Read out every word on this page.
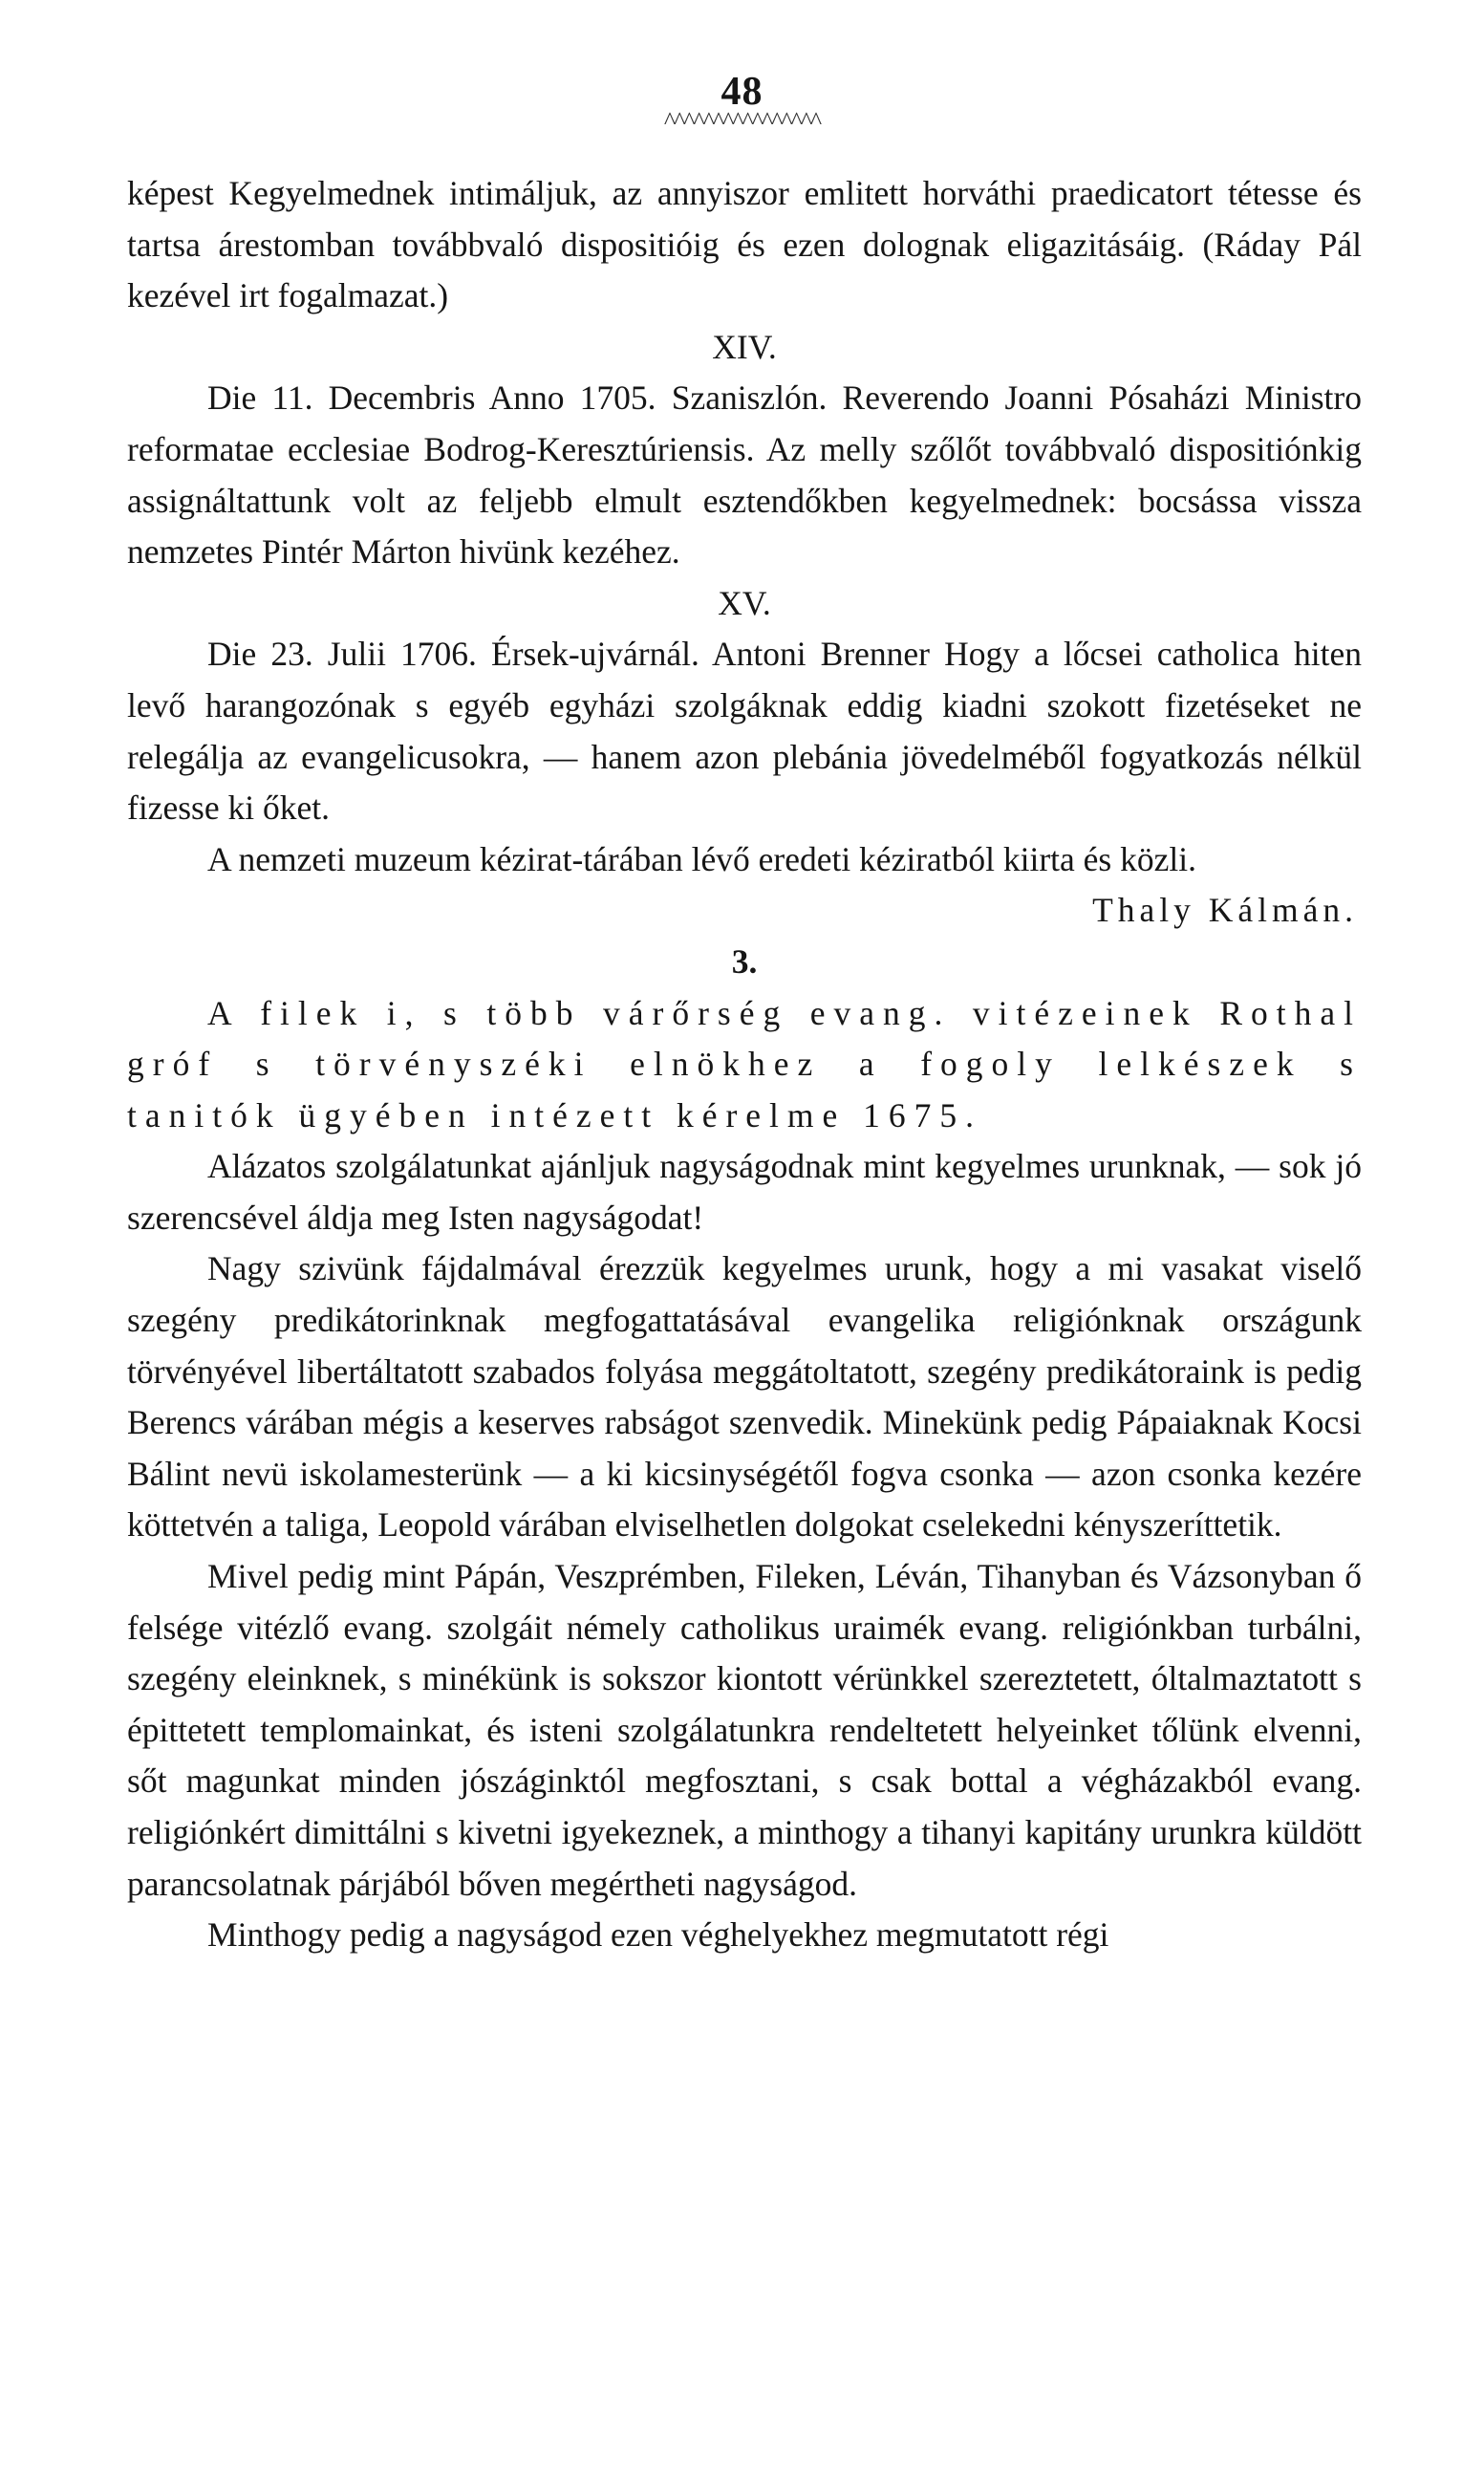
48
^^^^^^^^^^^^^^^^

képest Kegyelmednek intimáljuk, az annyiszor emlitett horváthi praedicatort tétesse és tartsa árestomban továbbvaló dispositióig és ezen dolognak eligazitásáig. (Ráday Pál kezével irt fogalmazat.)

XIV.

Die 11. Decembris Anno 1705. Szaniszlón. Reverendo Joanni Pósaházi Ministro reformatae ecclesiae Bodrog-Keresztúriensis. Az melly szőlőt továbbvaló dispositiónkig assignáltattunk volt az feljebb elmult esztendőkben kegyelmednek: bocsássa vissza nemzetes Pintér Márton hivünk kezéhez.

XV.

Die 23. Julii 1706. Érsek-ujvárnál. Antoni Brenner Hogy a lőcsei catholica hiten levő harangozónak s egyéb egyházi szolgáknak eddig kiadni szokott fizetéseket ne relegálja az evangelicusokra, — hanem azon plebánia jövedelméből fogyatkozás nélkül fizesse ki őket.

A nemzeti muzeum kézirat-tárában lévő eredeti kéziratból kiirta és közli.

Thaly Kálmán.

3.

A filek i, s több várőrség evang. vitézeinek Rothal

gróf s törvényszéki elnökhez a fogoly lelkészek s

tanitók ügyében intézett kérelme 1675.

Alázatos szolgálatunkat ajánljuk nagyságodnak mint kegyelmes urunknak, — sok jó szerencsével áldja meg Isten nagyságodat!

Nagy szivünk fájdalmával érezzük kegyelmes urunk, hogy a mi vasakat viselő szegény predikátorinknak megfogattatásával evangelika religiónknak országunk törvényével libertáltatott szabados folyása meggátoltatott, szegény predikátoraink is pedig Berencs várában mégis a keserves rabságot szenvedik. Minekünk pedig Pápaiaknak Kocsi Bálint nevü iskolamesterünk — a ki kicsinységétől fogva csonka — azon csonka kezére köttetvén a taliga, Leopold várában elviselhetlen dolgokat cselekedni kényszeríttetik.

Mivel pedig mint Pápán, Veszprémben, Fileken, Léván, Tihanyban és Vázsonyban ő felsége vitézlő evang. szolgáit némely catholikus uraimék evang. religiónkban turbálni, szegény eleinknek, s minékünk is sokszor kiontott vérünkkel szereztetett, óltalmaztatott s épittetett templomainkat, és isteni szolgálatunkra rendeltetett helyeinket tőlünk elvenni, sőt magunkat minden jószáginktól megfosztani, s csak bottal a végházakból evang. religiónkért dimittálni s kivetni igyekeznek, a minthogy a tihanyi kapitány urunkra küldött parancsolatnak párjából bőven megértheti nagyságod.

Minthogy pedig a nagyságod ezen véghelyekhez megmutatott régi
